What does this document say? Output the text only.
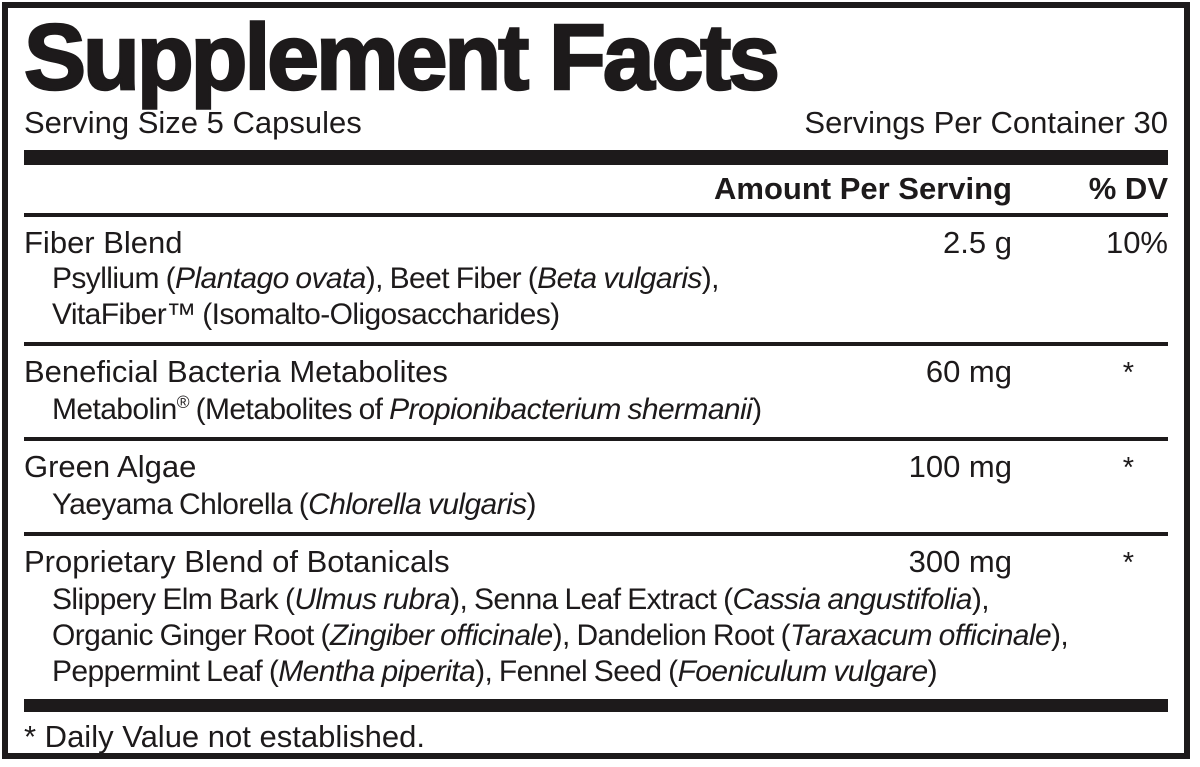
Supplement Facts
Serving Size 5 Capsules	Servings Per Container 30
Amount Per Serving	% DV
Fiber Blend	2.5 g	10%
Psyllium (Plantago ovata), Beet Fiber (Beta vulgaris),
VitaFiber™ (Isomalto-Oligosaccharides)
Beneficial Bacteria Metabolites	60 mg	*
Metabolin® (Metabolites of Propionibacterium shermanii)
Green Algae	100 mg	*
Yaeyama Chlorella (Chlorella vulgaris)
Proprietary Blend of Botanicals	300 mg	*
Slippery Elm Bark (Ulmus rubra), Senna Leaf Extract (Cassia angustifolia),
Organic Ginger Root (Zingiber officinale), Dandelion Root (Taraxacum officinale),
Peppermint Leaf (Mentha piperita), Fennel Seed (Foeniculum vulgare)
* Daily Value not established.
